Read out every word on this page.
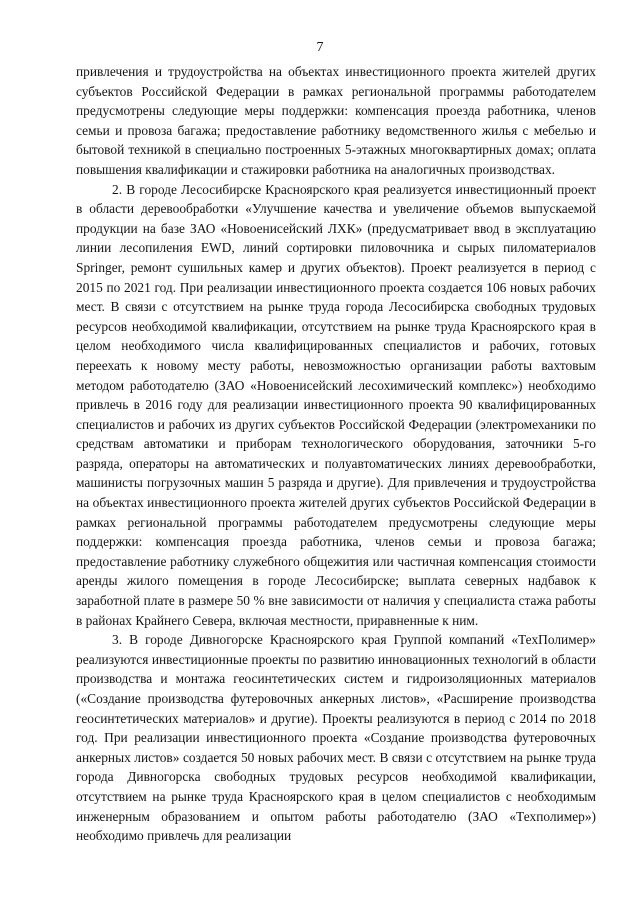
7

привлечения и трудоустройства на объектах инвестиционного проекта жителей других субъектов Российской Федерации в рамках региональной программы работодателем предусмотрены следующие меры поддержки: компенсация проезда работника, членов семьи и провоза багажа; предоставление работнику ведомственного жилья с мебелью и бытовой техникой в специально построенных 5-этажных многоквартирных домах; оплата повышения квалификации и стажировки работника на аналогичных производствах.

2. В городе Лесосибирске Красноярского края реализуется инвестиционный проект в области деревообработки «Улучшение качества и увеличение объемов выпускаемой продукции на базе ЗАО «Новоенисейский ЛХК» (предусматривает ввод в эксплуатацию линии лесопиления EWD, линий сортировки пиловочника и сырых пиломатериалов Springer, ремонт сушильных камер и других объектов). Проект реализуется в период с 2015 по 2021 год. При реализации инвестиционного проекта создается 106 новых рабочих мест. В связи с отсутствием на рынке труда города Лесосибирска свободных трудовых ресурсов необходимой квалификации, отсутствием на рынке труда Красноярского края в целом необходимого числа квалифицированных специалистов и рабочих, готовых переехать к новому месту работы, невозможностью организации работы вахтовым методом работодателю (ЗАО «Новоенисейский лесохимический комплекс») необходимо привлечь в 2016 году для реализации инвестиционного проекта 90 квалифицированных специалистов и рабочих из других субъектов Российской Федерации (электромеханики по средствам автоматики и приборам технологического оборудования, заточники 5-го разряда, операторы на автоматических и полуавтоматических линиях деревообработки, машинисты погрузочных машин 5 разряда и другие). Для привлечения и трудоустройства на объектах инвестиционного проекта жителей других субъектов Российской Федерации в рамках региональной программы работодателем предусмотрены следующие меры поддержки: компенсация проезда работника, членов семьи и провоза багажа; предоставление работнику служебного общежития или частичная компенсация стоимости аренды жилого помещения в городе Лесосибирске; выплата северных надбавок к заработной плате в размере 50 % вне зависимости от наличия у специалиста стажа работы в районах Крайнего Севера, включая местности, приравненные к ним.

3. В городе Дивногорске Красноярского края Группой компаний «ТехПолимер» реализуются инвестиционные проекты по развитию инновационных технологий в области производства и монтажа геосинтетических систем и гидроизоляционных материалов («Создание производства футеровочных анкерных листов», «Расширение производства геосинтетических материалов» и другие). Проекты реализуются в период с 2014 по 2018 год. При реализации инвестиционного проекта «Создание производства футеровочных анкерных листов» создается 50 новых рабочих мест. В связи с отсутствием на рынке труда города Дивногорска свободных трудовых ресурсов необходимой квалификации, отсутствием на рынке труда Красноярского края в целом специалистов с необходимым инженерным образованием и опытом работы работодателю (ЗАО «Техполимер») необходимо привлечь для реализации
